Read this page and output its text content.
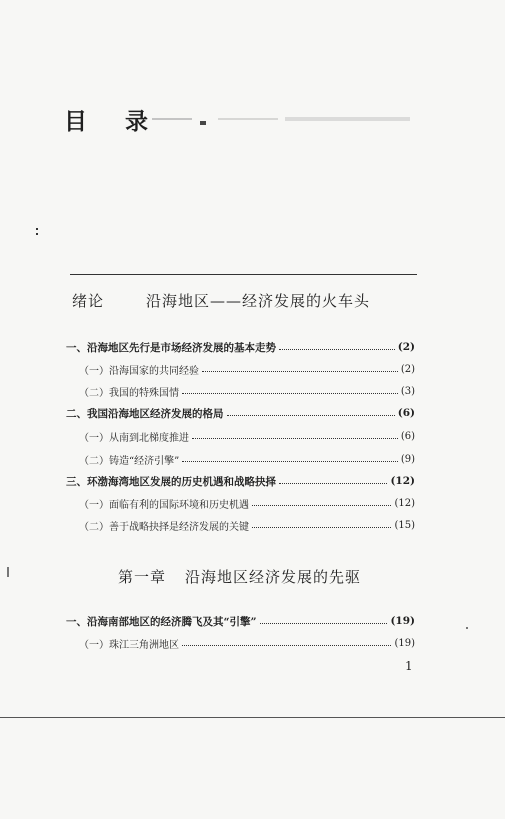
目 录
绪论	沿海地区——经济发展的火车头
一、沿海地区先行是市场经济发展的基本走势	(2)
（一）沿海国家的共同经验	(2)
（二）我国的特殊国情	(3)
二、我国沿海地区经济发展的格局	(6)
（一）从南到北梯度推进	(6)
（二）铸造“经济引擎”	(9)
三、环渤海湾地区发展的历史机遇和战略抉择	(12)
（一）面临有利的国际环境和历史机遇	(12)
（二）善于战略抉择是经济发展的关键	(15)
第一章 沿海地区经济发展的先驱
一、沿海南部地区的经济腾飞及其“引擎”	(19)
（一）珠江三角洲地区	(19)
1
